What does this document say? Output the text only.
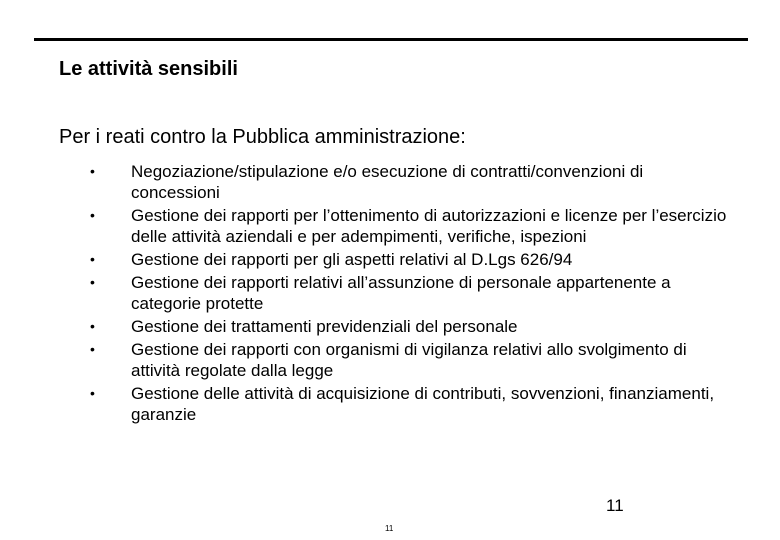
Le attività sensibili
Per i reati contro la Pubblica amministrazione:
•	Negoziazione/stipulazione e/o esecuzione di contratti/convenzioni di concessioni
•	Gestione dei rapporti per l’ottenimento di autorizzazioni e licenze per l’esercizio delle attività aziendali e per adempimenti, verifiche, ispezioni
•	Gestione dei rapporti per gli aspetti relativi al D.Lgs 626/94
•	Gestione dei rapporti relativi all’assunzione di personale appartenente a categorie protette
•	Gestione dei trattamenti previdenziali del personale
•	Gestione dei rapporti con organismi di vigilanza relativi allo svolgimento di attività regolate dalla legge
•	Gestione delle attività di acquisizione di contributi, sovvenzioni, finanziamenti, garanzie
11
11
